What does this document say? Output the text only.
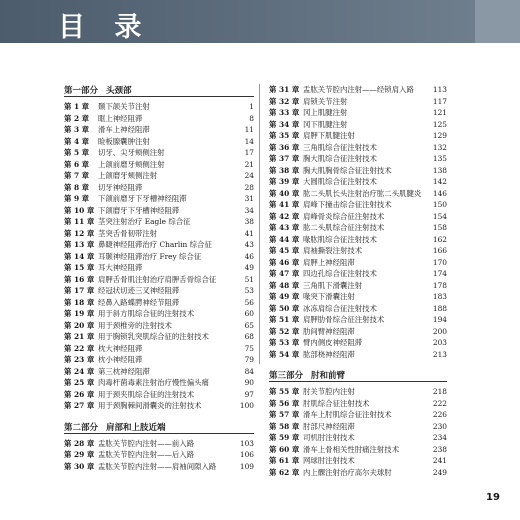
目 录
第一部分 头颈部
第 1 章	颞下颌关节注射	1
第 2 章	眶上神经阻滞	8
第 3 章	滑车上神经阻滞	11
第 4 章	睑板腺囊肿注射	14
第 5 章	切牙、尖牙颊侧注射	17
第 6 章	上颌前磨牙颊侧注射	21
第 7 章	上颌磨牙颊侧注射	24
第 8 章	切牙神经阻滞	28
第 9 章	下颌前磨牙下牙槽神经阻滞	31
第 10 章 下颌磨牙下牙槽神经阻滞	34
第 11 章 茎突注射治疗 Eagle 综合征	38
第 12 章 茎突舌骨韧带注射	41
第 13 章 鼻睫神经阻滞治疗 Charlin 综合征	43
第 14 章 耳颞神经阻滞治疗 Frey 综合征	46
第 15 章 耳大神经阻滞	49
第 16 章 肩胛舌骨肌注射治疗肩胛舌骨综合征	51
第 17 章 经冠状切迹三叉神经阻滞	53
第 18 章 经鼻入路蝶腭神经节阻滞	56
第 19 章 用于斜方肌综合征的注射技术	60
第 20 章 用于颈椎旁的注射技术	65
第 21 章 用于胸锁乳突肌综合征的注射技术	68
第 22 章 枕大神经阻滞	75
第 23 章 枕小神经阻滞	79
第 24 章 第三枕神经阻滞	84
第 25 章 肉毒杆菌毒素注射治疗慢性偏头痛	90
第 26 章 用于颈夹肌综合征的注射技术	97
第 27 章 用于颈胸棘间滑囊炎的注射技术	100
第二部分 肩部和上肢近端
第 28 章 盂肱关节腔内注射——前入路	103
第 29 章 盂肱关节腔内注射——后入路	106
第 30 章 盂肱关节腔内注射——肩袖间隙入路	109
第 31 章 盂肱关节腔内注射——经锁肩入路	113
第 32 章 肩锁关节注射	117
第 33 章 冈上肌腱注射	121
第 34 章 冈下肌腱注射	125
第 35 章 肩胛下肌腱注射	129
第 36 章 三角肌综合征注射技术	132
第 37 章 胸大肌综合征注射技术	135
第 38 章 胸大肌胸骨综合征注射技术	138
第 39 章 大圆肌综合征注射技术	142
第 40 章 肱二头肌长头注射治疗肱二头肌腱炎	146
第 41 章 肩峰下撞击综合征注射技术	150
第 42 章 肩峰骨炎综合征注射技术	154
第 43 章 肱二头肌综合征注射技术	158
第 44 章 喙肱肌综合征注射技术	162
第 45 章 肩袖撕裂注射技术	166
第 46 章 肩胛上神经阻滞	170
第 47 章 四边孔综合征注射技术	174
第 48 章 三角肌下滑囊注射	178
第 49 章 喙突下滑囊注射	183
第 50 章 冰冻肩综合征注射技术	188
第 51 章 肩胛肋骨综合征注射技术	194
第 52 章 肋间臂神经阻滞	200
第 53 章 臂内侧皮神经阻滞	203
第 54 章 肱部桡神经阻滞	213
第三部分 肘和前臂
第 55 章 肘关节腔内注射	218
第 56 章 肘肌综合征注射技术	222
第 57 章 滑车上肘肌综合征注射技术	226
第 58 章 肘部尺神经阻滞	230
第 59 章 司机肘注射技术	234
第 60 章 滑车上骨相关性肘痛注射技术	238
第 61 章 网球肘注射技术	241
第 62 章 内上髁注射治疗高尔夫球肘	249
19
